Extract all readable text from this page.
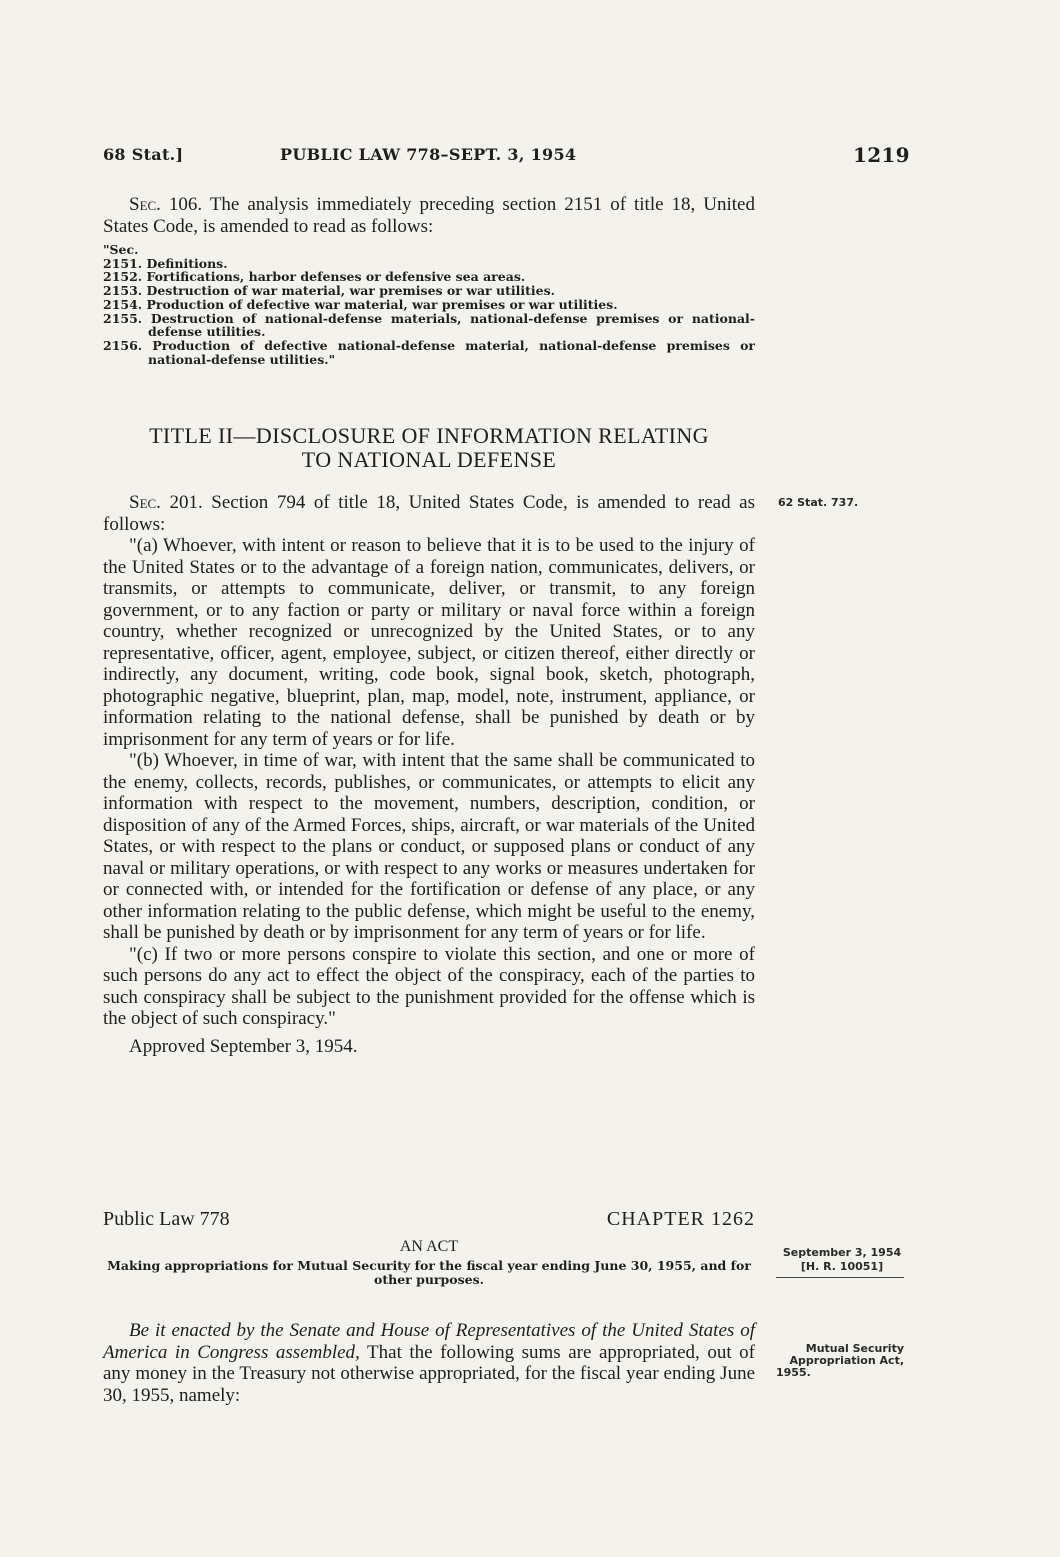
68 Stat.]	PUBLIC LAW 778–SEPT. 3, 1954	1219

Sec. 106. The analysis immediately preceding section 2151 of title 18, United States Code, is amended to read as follows:

"Sec.
2151. Definitions.
2152. Fortifications, harbor defenses or defensive sea areas.
2153. Destruction of war material, war premises or war utilities.
2154. Production of defective war material, war premises or war utilities.
2155. Destruction of national-defense materials, national-defense premises or national-defense utilities.
2156. Production of defective national-defense material, national-defense premises or national-defense utilities."
TITLE II—DISCLOSURE OF INFORMATION RELATING
TO NATIONAL DEFENSE

Sec. 201. Section 794 of title 18, United States Code, is amended to read as follows:

"(a) Whoever, with intent or reason to believe that it is to be used to the injury of the United States or to the advantage of a foreign nation, communicates, delivers, or transmits, or attempts to communicate, deliver, or transmit, to any foreign government, or to any faction or party or military or naval force within a foreign country, whether recognized or unrecognized by the United States, or to any representative, officer, agent, employee, subject, or citizen thereof, either directly or indirectly, any document, writing, code book, signal book, sketch, photograph, photographic negative, blueprint, plan, map, model, note, instrument, appliance, or information relating to the national defense, shall be punished by death or by imprisonment for any term of years or for life.

"(b) Whoever, in time of war, with intent that the same shall be communicated to the enemy, collects, records, publishes, or communicates, or attempts to elicit any information with respect to the movement, numbers, description, condition, or disposition of any of the Armed Forces, ships, aircraft, or war materials of the United States, or with respect to the plans or conduct, or supposed plans or conduct of any naval or military operations, or with respect to any works or measures undertaken for or connected with, or intended for the fortification or defense of any place, or any other information relating to the public defense, which might be useful to the enemy, shall be punished by death or by imprisonment for any term of years or for life.

"(c) If two or more persons conspire to violate this section, and one or more of such persons do any act to effect the object of the conspiracy, each of the parties to such conspiracy shall be subject to the punishment provided for the offense which is the object of such conspiracy."

Approved September 3, 1954.

62 Stat. 737.
Public Law 778	CHAPTER 1262
AN ACT
Making appropriations for Mutual Security for the fiscal year ending June 30, 1955, and for other purposes.
September 3, 1954
[H. R. 10051]

Be it enacted by the Senate and House of Representatives of the United States of America in Congress assembled, That the following sums are appropriated, out of any money in the Treasury not otherwise appropriated, for the fiscal year ending June 30, 1955, namely:

Mutual Security
Appropriation Act,
1955.
